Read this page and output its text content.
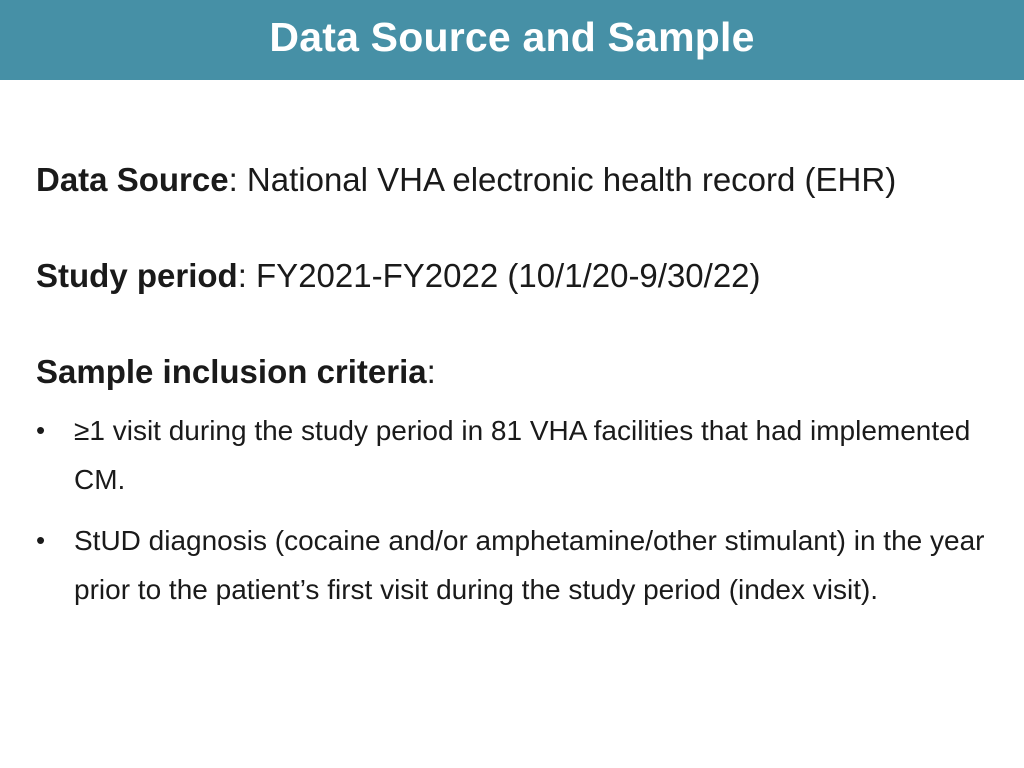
Data Source and Sample
Data Source: National VHA electronic health record (EHR)
Study period: FY2021-FY2022 (10/1/20-9/30/22)
Sample inclusion criteria:
• ≥1 visit during the study period in 81 VHA facilities that had implemented CM.
• StUD diagnosis (cocaine and/or amphetamine/other stimulant) in the year prior to the patient’s first visit during the study period (index visit).
